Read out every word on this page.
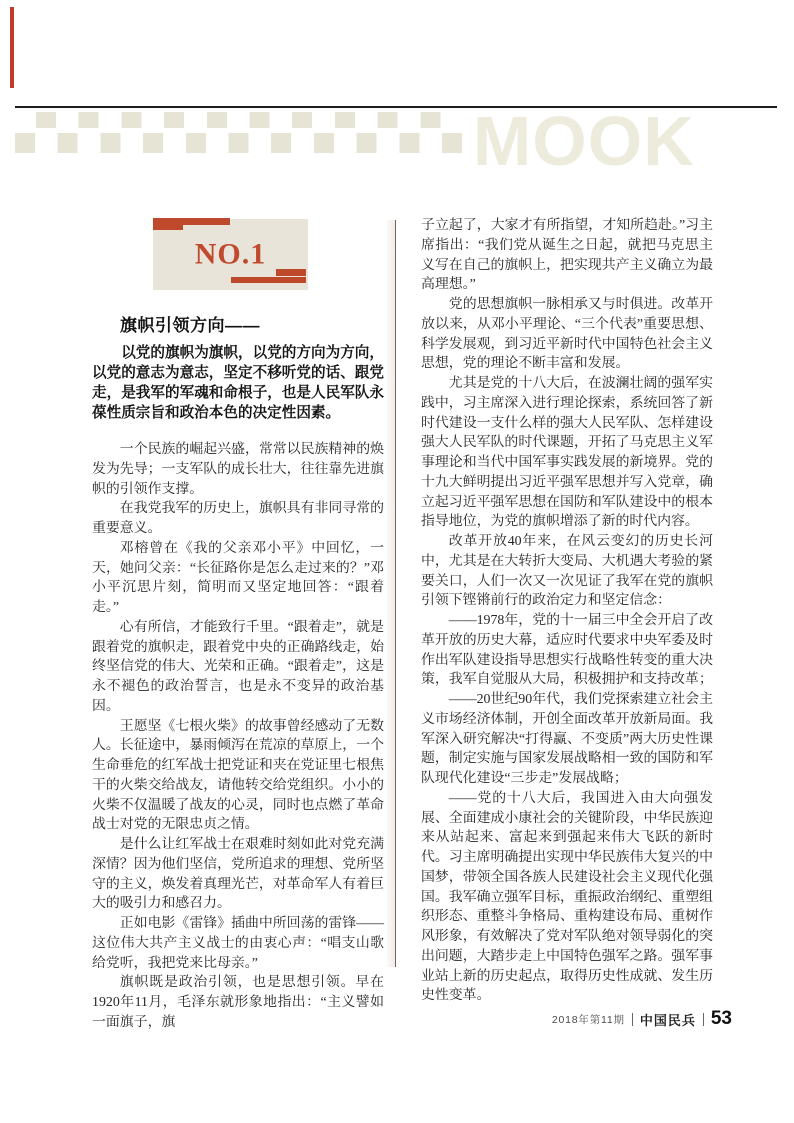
MOOK
NO.1
旗帜引领方向——

以党的旗帜为旗帜，以党的方向为方向，以党的意志为意志，坚定不移听党的话、跟党走，是我军的军魂和命根子，也是人民军队永葆性质宗旨和政治本色的决定性因素。

一个民族的崛起兴盛，常常以民族精神的焕发为先导；一支军队的成长壮大，往往靠先进旗帜的引领作支撑。

在我党我军的历史上，旗帜具有非同寻常的重要意义。

邓榕曾在《我的父亲邓小平》中回忆，一天，她问父亲：“长征路你是怎么走过来的？”邓小平沉思片刻，简明而又坚定地回答：“跟着走。”

心有所信，才能致行千里。“跟着走”，就是跟着党的旗帜走，跟着党中央的正确路线走，始终坚信党的伟大、光荣和正确。“跟着走”，这是永不褪色的政治誓言，也是永不变异的政治基因。

王愿坚《七根火柴》的故事曾经感动了无数人。长征途中，暴雨倾泻在荒凉的草原上，一个生命垂危的红军战士把党证和夹在党证里七根焦干的火柴交给战友，请他转交给党组织。小小的火柴不仅温暖了战友的心灵，同时也点燃了革命战士对党的无限忠贞之情。

是什么让红军战士在艰难时刻如此对党充满深情？因为他们坚信，党所追求的理想、党所坚守的主义，焕发着真理光芒，对革命军人有着巨大的吸引力和感召力。

正如电影《雷锋》插曲中所回荡的雷锋——这位伟大共产主义战士的由衷心声：“唱支山歌给党听，我把党来比母亲。”

旗帜既是政治引领，也是思想引领。早在1920年11月，毛泽东就形象地指出：“主义譬如一面旗子，旗

子立起了，大家才有所指望，才知所趋赴。”习主席指出：“我们党从诞生之日起，就把马克思主义写在自己的旗帜上，把实现共产主义确立为最高理想。”

党的思想旗帜一脉相承又与时俱进。改革开放以来，从邓小平理论、“三个代表”重要思想、科学发展观，到习近平新时代中国特色社会主义思想，党的理论不断丰富和发展。

尤其是党的十八大后，在波澜壮阔的强军实践中，习主席深入进行理论探索，系统回答了新时代建设一支什么样的强大人民军队、怎样建设强大人民军队的时代课题，开拓了马克思主义军事理论和当代中国军事实践发展的新境界。党的十九大鲜明提出习近平强军思想并写入党章，确立起习近平强军思想在国防和军队建设中的根本指导地位，为党的旗帜增添了新的时代内容。

改革开放40年来，在风云变幻的历史长河中，尤其是在大转折大变局、大机遇大考验的紧要关口，人们一次又一次见证了我军在党的旗帜引领下铿锵前行的政治定力和坚定信念：

——1978年，党的十一届三中全会开启了改革开放的历史大幕，适应时代要求中央军委及时作出军队建设指导思想实行战略性转变的重大决策，我军自觉服从大局，积极拥护和支持改革；

——20世纪90年代，我们党探索建立社会主义市场经济体制，开创全面改革开放新局面。我军深入研究解决“打得赢、不变质”两大历史性课题，制定实施与国家发展战略相一致的国防和军队现代化建设“三步走”发展战略；

——党的十八大后，我国进入由大向强发展、全面建成小康社会的关键阶段，中华民族迎来从站起来、富起来到强起来伟大飞跃的新时代。习主席明确提出实现中华民族伟大复兴的中国梦，带领全国各族人民建设社会主义现代化强国。我军确立强军目标，重振政治纲纪、重塑组织形态、重整斗争格局、重构建设布局、重树作风形象，有效解决了党对军队绝对领导弱化的突出问题，大踏步走上中国特色强军之路。强军事业站上新的历史起点，取得历史性成就、发生历史性变革。

2018年第11期 中国民兵 53
